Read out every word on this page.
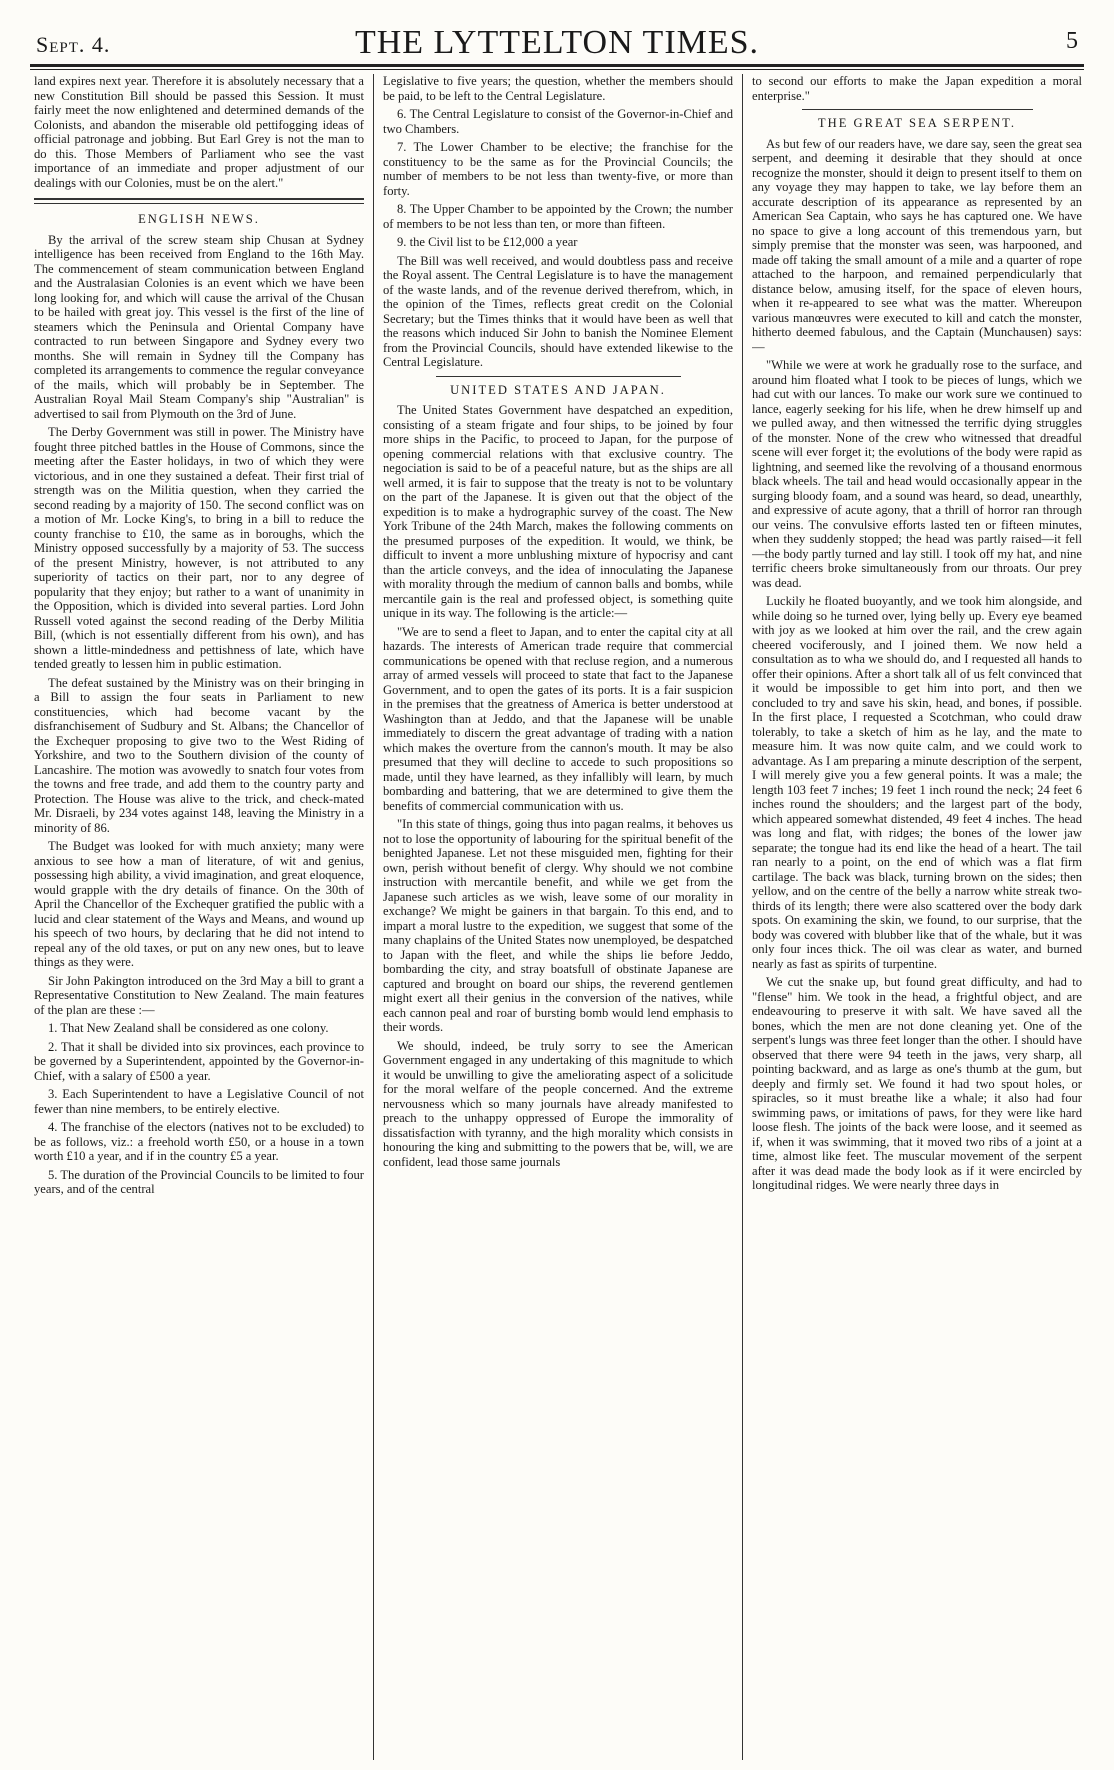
Sept. 4.	THE LYTTELTON TIMES.	5

land expires next year. Therefore it is absolutely necessary that a new Constitution Bill should be passed this Session. It must fairly meet the now enlightened and determined demands of the Colonists, and abandon the miserable old pettifogging ideas of official patronage and jobbing. But Earl Grey is not the man to do this. Those Members of Parliament who see the vast importance of an immediate and proper adjustment of our dealings with our Colonies, must be on the alert."

ENGLISH NEWS.

By the arrival of the screw steam ship Chusan at Sydney intelligence has been received from England to the 16th May. The commencement of steam communication between England and the Australasian Colonies is an event which we have been long looking for, and which will cause the arrival of the Chusan to be hailed with great joy. This vessel is the first of the line of steamers which the Peninsula and Oriental Company have contracted to run between Singapore and Sydney every two months. She will remain in Sydney till the Company has completed its arrangements to commence the regular conveyance of the mails, which will probably be in September. The Australian Royal Mail Steam Company's ship "Australian" is advertised to sail from Plymouth on the 3rd of June.

The Derby Government was still in power. The Ministry have fought three pitched battles in the House of Commons, since the meeting after the Easter holidays, in two of which they were victorious, and in one they sustained a defeat. Their first trial of strength was on the Militia question, when they carried the second reading by a majority of 150. The second conflict was on a motion of Mr. Locke King's, to bring in a bill to reduce the county franchise to £10, the same as in boroughs, which the Ministry opposed successfully by a majority of 53. The success of the present Ministry, however, is not attributed to any superiority of tactics on their part, nor to any degree of popularity that they enjoy; but rather to a want of unanimity in the Opposition, which is divided into several parties. Lord John Russell voted against the second reading of the Derby Militia Bill, (which is not essentially different from his own), and has shown a little-mindedness and pettishness of late, which have tended greatly to lessen him in public estimation.

The defeat sustained by the Ministry was on their bringing in a Bill to assign the four seats in Parliament to new constituencies, which had become vacant by the disfranchisement of Sudbury and St. Albans; the Chancellor of the Exchequer proposing to give two to the West Riding of Yorkshire, and two to the Southern division of the county of Lancashire. The motion was avowedly to snatch four votes from the towns and free trade, and add them to the country party and Protection. The House was alive to the trick, and check-mated Mr. Disraeli, by 234 votes against 148, leaving the Ministry in a minority of 86.

The Budget was looked for with much anxiety; many were anxious to see how a man of literature, of wit and genius, possessing high ability, a vivid imagination, and great eloquence, would grapple with the dry details of finance. On the 30th of April the Chancellor of the Exchequer gratified the public with a lucid and clear statement of the Ways and Means, and wound up his speech of two hours, by declaring that he did not intend to repeal any of the old taxes, or put on any new ones, but to leave things as they were.

Sir John Pakington introduced on the 3rd May a bill to grant a Representative Constitution to New Zealand. The main features of the plan are these :—

1. That New Zealand shall be considered as one colony.

2. That it shall be divided into six provinces, each province to be governed by a Superintendent, appointed by the Governor-in-Chief, with a salary of £500 a year.

3. Each Superintendent to have a Legislative Council of not fewer than nine members, to be entirely elective.

4. The franchise of the electors (natives not to be excluded) to be as follows, viz.: a freehold worth £50, or a house in a town worth £10 a year, and if in the country £5 a year.

5. The duration of the Provincial Councils to be limited to four years, and of the central

Legislative to five years; the question, whether the members should be paid, to be left to the Central Legislature.

6. The Central Legislature to consist of the Governor-in-Chief and two Chambers.

7. The Lower Chamber to be elective; the franchise for the constituency to be the same as for the Provincial Councils; the number of members to be not less than twenty-five, or more than forty.

8. The Upper Chamber to be appointed by the Crown; the number of members to be not less than ten, or more than fifteen.

9. the Civil list to be £12,000 a year

The Bill was well received, and would doubtless pass and receive the Royal assent. The Central Legislature is to have the management of the waste lands, and of the revenue derived therefrom, which, in the opinion of the Times, reflects great credit on the Colonial Secretary; but the Times thinks that it would have been as well that the reasons which induced Sir John to banish the Nominee Element from the Provincial Councils, should have extended likewise to the Central Legislature.

UNITED STATES AND JAPAN.

The United States Government have despatched an expedition, consisting of a steam frigate and four ships, to be joined by four more ships in the Pacific, to proceed to Japan, for the purpose of opening commercial relations with that exclusive country. The negociation is said to be of a peaceful nature, but as the ships are all well armed, it is fair to suppose that the treaty is not to be voluntary on the part of the Japanese. It is given out that the object of the expedition is to make a hydrographic survey of the coast. The New York Tribune of the 24th March, makes the following comments on the presumed purposes of the expedition. It would, we think, be difficult to invent a more unblushing mixture of hypocrisy and cant than the article conveys, and the idea of innoculating the Japanese with morality through the medium of cannon balls and bombs, while mercantile gain is the real and professed object, is something quite unique in its way. The following is the article:—

"We are to send a fleet to Japan, and to enter the capital city at all hazards. The interests of American trade require that commercial communications be opened with that recluse region, and a numerous array of armed vessels will proceed to state that fact to the Japanese Government, and to open the gates of its ports. It is a fair suspicion in the premises that the greatness of America is better understood at Washington than at Jeddo, and that the Japanese will be unable immediately to discern the great advantage of trading with a nation which makes the overture from the cannon's mouth. It may be also presumed that they will decline to accede to such propositions so made, until they have learned, as they infallibly will learn, by much bombarding and battering, that we are determined to give them the benefits of commercial communication with us.

"In this state of things, going thus into pagan realms, it behoves us not to lose the opportunity of labouring for the spiritual benefit of the benighted Japanese. Let not these misguided men, fighting for their own, perish without benefit of clergy. Why should we not combine instruction with mercantile benefit, and while we get from the Japanese such articles as we wish, leave some of our morality in exchange? We might be gainers in that bargain. To this end, and to impart a moral lustre to the expedition, we suggest that some of the many chaplains of the United States now unemployed, be despatched to Japan with the fleet, and while the ships lie before Jeddo, bombarding the city, and stray boatsfull of obstinate Japanese are captured and brought on board our ships, the reverend gentlemen might exert all their genius in the conversion of the natives, while each cannon peal and roar of bursting bomb would lend emphasis to their words.

We should, indeed, be truly sorry to see the American Government engaged in any undertaking of this magnitude to which it would be unwilling to give the ameliorating aspect of a solicitude for the moral welfare of the people concerned. And the extreme nervousness which so many journals have already manifested to preach to the unhappy oppressed of Europe the immorality of dissatisfaction with tyranny, and the high morality which consists in honouring the king and submitting to the powers that be, will, we are confident, lead those same journals

to second our efforts to make the Japan expedition a moral enterprise."

THE GREAT SEA SERPENT.

As but few of our readers have, we dare say, seen the great sea serpent, and deeming it desirable that they should at once recognize the monster, should it deign to present itself to them on any voyage they may happen to take, we lay before them an accurate description of its appearance as represented by an American Sea Captain, who says he has captured one. We have no space to give a long account of this tremendous yarn, but simply premise that the monster was seen, was harpooned, and made off taking the small amount of a mile and a quarter of rope attached to the harpoon, and remained perpendicularly that distance below, amusing itself, for the space of eleven hours, when it re-appeared to see what was the matter. Whereupon various manœuvres were executed to kill and catch the monster, hitherto deemed fabulous, and the Captain (Munchausen) says:—

"While we were at work he gradually rose to the surface, and around him floated what I took to be pieces of lungs, which we had cut with our lances. To make our work sure we continued to lance, eagerly seeking for his life, when he drew himself up and we pulled away, and then witnessed the terrific dying struggles of the monster. None of the crew who witnessed that dreadful scene will ever forget it; the evolutions of the body were rapid as lightning, and seemed like the revolving of a thousand enormous black wheels. The tail and head would occasionally appear in the surging bloody foam, and a sound was heard, so dead, unearthly, and expressive of acute agony, that a thrill of horror ran through our veins. The convulsive efforts lasted ten or fifteen minutes, when they suddenly stopped; the head was partly raised—it fell—the body partly turned and lay still. I took off my hat, and nine terrific cheers broke simultaneously from our throats. Our prey was dead.

Luckily he floated buoyantly, and we took him alongside, and while doing so he turned over, lying belly up. Every eye beamed with joy as we looked at him over the rail, and the crew again cheered vociferously, and I joined them. We now held a consultation as to wha we should do, and I requested all hands to offer their opinions. After a short talk all of us felt convinced that it would be impossible to get him into port, and then we concluded to try and save his skin, head, and bones, if possible. In the first place, I requested a Scotchman, who could draw tolerably, to take a sketch of him as he lay, and the mate to measure him. It was now quite calm, and we could work to advantage. As I am preparing a minute description of the serpent, I will merely give you a few general points. It was a male; the length 103 feet 7 inches; 19 feet 1 inch round the neck; 24 feet 6 inches round the shoulders; and the largest part of the body, which appeared somewhat distended, 49 feet 4 inches. The head was long and flat, with ridges; the bones of the lower jaw separate; the tongue had its end like the head of a heart. The tail ran nearly to a point, on the end of which was a flat firm cartilage. The back was black, turning brown on the sides; then yellow, and on the centre of the belly a narrow white streak two-thirds of its length; there were also scattered over the body dark spots. On examining the skin, we found, to our surprise, that the body was covered with blubber like that of the whale, but it was only four inces thick. The oil was clear as water, and burned nearly as fast as spirits of turpentine.

We cut the snake up, but found great difficulty, and had to "flense" him. We took in the head, a frightful object, and are endeavouring to preserve it with salt. We have saved all the bones, which the men are not done cleaning yet. One of the serpent's lungs was three feet longer than the other. I should have observed that there were 94 teeth in the jaws, very sharp, all pointing backward, and as large as one's thumb at the gum, but deeply and firmly set. We found it had two spout holes, or spiracles, so it must breathe like a whale; it also had four swimming paws, or imitations of paws, for they were like hard loose flesh. The joints of the back were loose, and it seemed as if, when it was swimming, that it moved two ribs of a joint at a time, almost like feet. The muscular movement of the serpent after it was dead made the body look as if it were encircled by longitudinal ridges. We were nearly three days in
